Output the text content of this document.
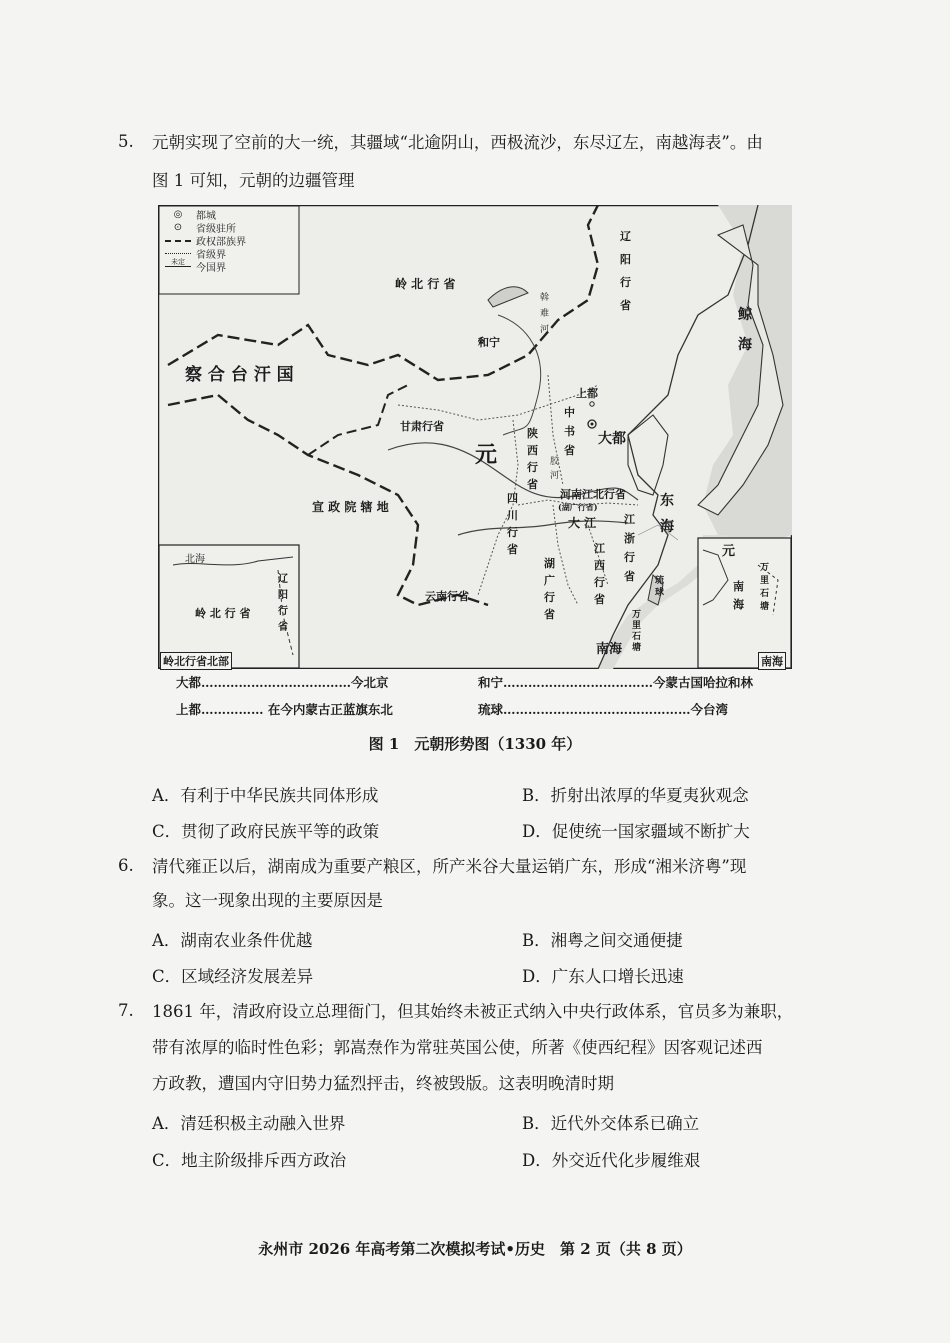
5. 元朝实现了空前的大一统，其疆域“北逾阴山，西极流沙，东尽辽左，南越海表”。由
图 1 可知，元朝的边疆管理
◎	都城
⊙	省级驻所
政权部族界
省级界
未定
今国界
岭 北 行 省
辽
阳
行
省
察 合 台 汗 国
和宁
甘肃行省
元
陕
西
行
省
中
书
省
上都
大都
宣 政 院 辖 地
四
川
行
省
河南江北行省
(湖广行省)
大 江	江
浙
行
省
江
西
行
省
湖
广
行
省
云南行省
东
海
鲸
海
南海
万
里
石
塘
琉
球
斡
难
河
胶
河
北海
岭 北 行 省
辽
阳
行
省
岭北行省北部
元
南
海
万
里
石
塘
南海
大都………………………………今北京	和宁………………………………今蒙古国哈拉和林
上都…………… 在今内蒙古正蓝旗东北	琉球………………………………………今台湾
图 1　元朝形势图（1330 年）
A．有利于中华民族共同体形成	B．折射出浓厚的华夏夷狄观念
C．贯彻了政府民族平等的政策	D．促使统一国家疆域不断扩大
6. 清代雍正以后，湖南成为重要产粮区，所产米谷大量运销广东，形成“湘米济粤”现
象。这一现象出现的主要原因是
A．湖南农业条件优越	B．湘粤之间交通便捷
C．区域经济发展差异	D．广东人口增长迅速
7. 1861 年，清政府设立总理衙门，但其始终未被正式纳入中央行政体系，官员多为兼职，
带有浓厚的临时性色彩；郭嵩焘作为常驻英国公使，所著《使西纪程》因客观记述西
方政教，遭国内守旧势力猛烈抨击，终被毁版。这表明晚清时期
A．清廷积极主动融入世界	B．近代外交体系已确立
C．地主阶级排斥西方政治	D．外交近代化步履维艰
永州市 2026 年高考第二次模拟考试•历史　第 2 页（共 8 页）
